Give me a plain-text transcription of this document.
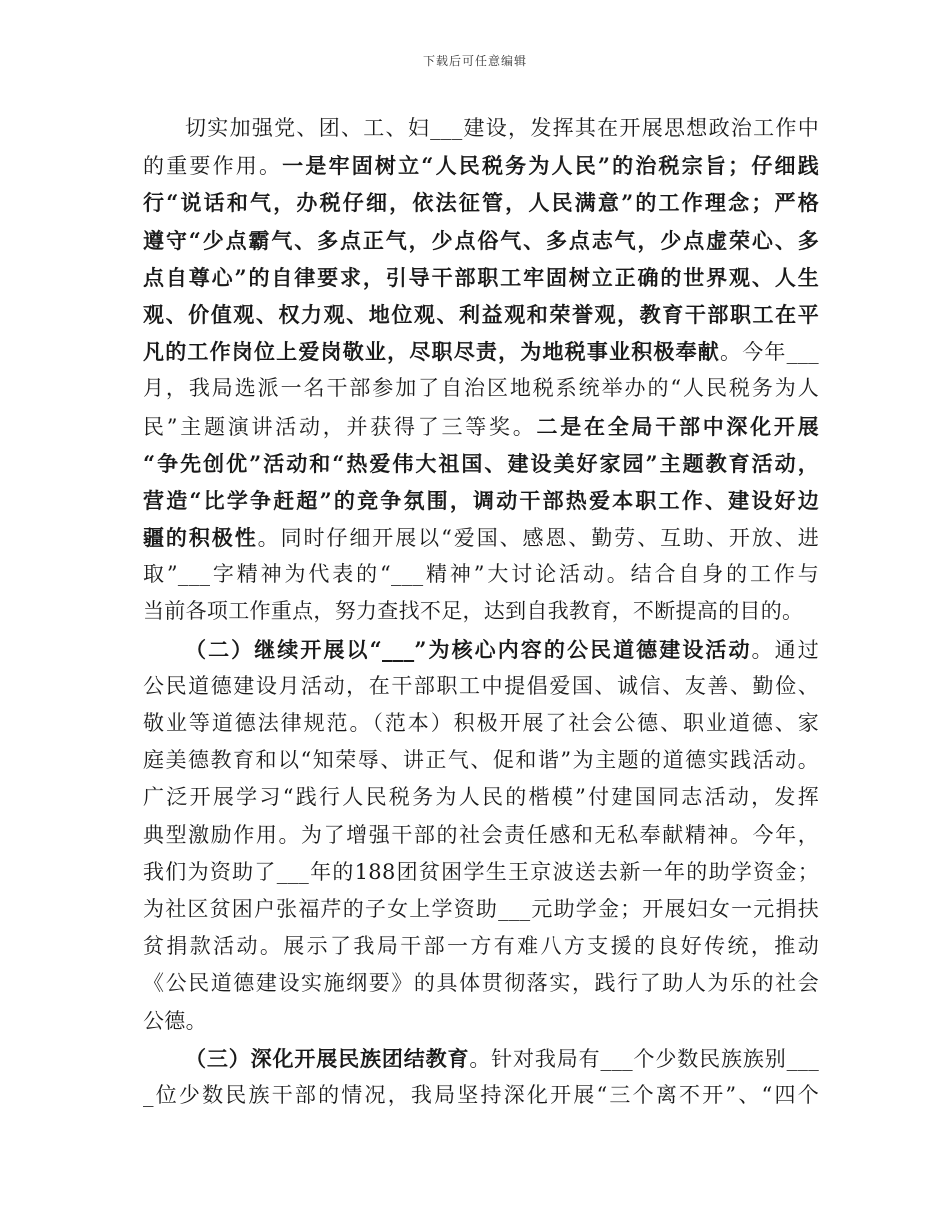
下载后可任意编辑
切实加强党、团、工、妇___建设，发挥其在开展思想政治工作中
的重要作用。一是牢固树立“人民税务为人民”的治税宗旨；仔细践
行“说话和气，办税仔细，依法征管，人民满意”的工作理念；严格
遵守“少点霸气、多点正气，少点俗气、多点志气，少点虚荣心、多
点自尊心”的自律要求，引导干部职工牢固树立正确的世界观、人生
观、价值观、权力观、地位观、利益观和荣誉观，教育干部职工在平
凡的工作岗位上爱岗敬业，尽职尽责，为地税事业积极奉献。今年___
月，我局选派一名干部参加了自治区地税系统举办的“人民税务为人
民”主题演讲活动，并获得了三等奖。二是在全局干部中深化开展
“争先创优”活动和“热爱伟大祖国、建设美好家园”主题教育活动，
营造“比学争赶超”的竞争氛围，调动干部热爱本职工作、建设好边
疆的积极性。同时仔细开展以“爱国、感恩、勤劳、互助、开放、进
取”___字精神为代表的“___精神”大讨论活动。结合自身的工作与
当前各项工作重点，努力查找不足，达到自我教育，不断提高的目的。
（二）继续开展以“___”为核心内容的公民道德建设活动。通过
公民道德建设月活动，在干部职工中提倡爱国、诚信、友善、勤俭、
敬业等道德法律规范。（范本）积极开展了社会公德、职业道德、家
庭美德教育和以“知荣辱、讲正气、促和谐”为主题的道德实践活动。
广泛开展学习“践行人民税务为人民的楷模”付建国同志活动，发挥
典型激励作用。为了增强干部的社会责任感和无私奉献精神。今年，
我们为资助了___年的188团贫困学生王京波送去新一年的助学资金；
为社区贫困户张福芹的子女上学资助___元助学金；开展妇女一元捐扶
贫捐款活动。展示了我局干部一方有难八方支援的良好传统，推动
《公民道德建设实施纲要》的具体贯彻落实，践行了助人为乐的社会
公德。
（三）深化开展民族团结教育。针对我局有___个少数民族族别___
_位少数民族干部的情况，我局坚持深化开展“三个离不开”、“四个
